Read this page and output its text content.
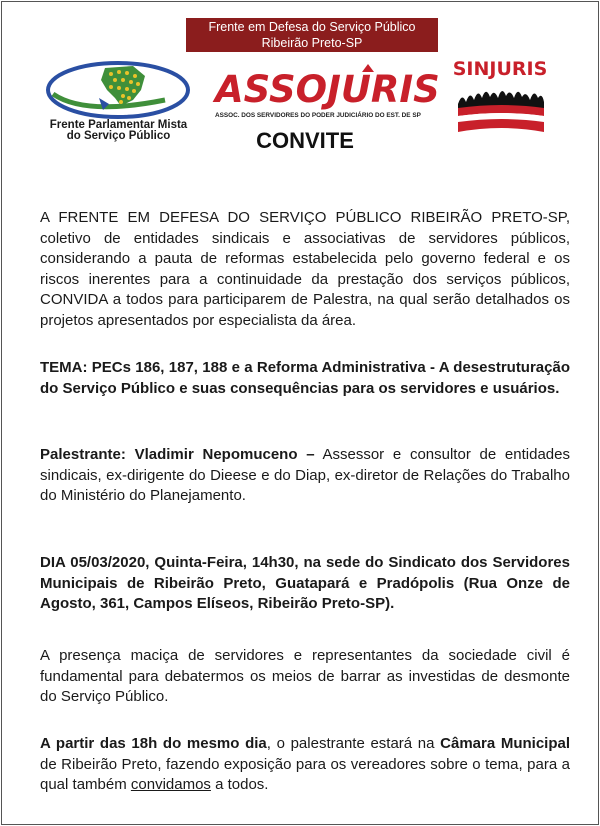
Frente em Defesa do Serviço Público
Ribeirão Preto-SP
Frente Parlamentar Mista
do Serviço Público
ASSOJURIS
ASSOC. DOS SERVIDORES DO PODER JUDICIÁRIO DO EST. DE SP
CONVITE
SINJURIS
A FRENTE EM DEFESA DO SERVIÇO PÚBLICO RIBEIRÃO PRETO-SP, coletivo de entidades sindicais e associativas de servidores públicos, considerando a pauta de reformas estabelecida pelo governo federal e os riscos inerentes para a continuidade da prestação dos serviços públicos, CONVIDA a todos para participarem de Palestra, na qual serão detalhados os projetos apresentados por especialista da área.
TEMA: PECs 186, 187, 188 e a Reforma Administrativa - A desestruturação do Serviço Público e suas consequências para os servidores e usuários.
Palestrante: Vladimir Nepomuceno – Assessor e consultor de entidades sindicais, ex-dirigente do Dieese e do Diap, ex-diretor de Relações do Trabalho do Ministério do Planejamento.
DIA 05/03/2020, Quinta-Feira, 14h30, na sede do Sindicato dos Servidores Municipais de Ribeirão Preto, Guatapará e Pradópolis (Rua Onze de Agosto, 361, Campos Elíseos, Ribeirão Preto-SP).
A presença maciça de servidores e representantes da sociedade civil é fundamental para debatermos os meios de barrar as investidas de desmonte do Serviço Público.
A partir das 18h do mesmo dia, o palestrante estará na Câmara Municipal de Ribeirão Preto, fazendo exposição para os vereadores sobre o tema, para a qual também convidamos a todos.
